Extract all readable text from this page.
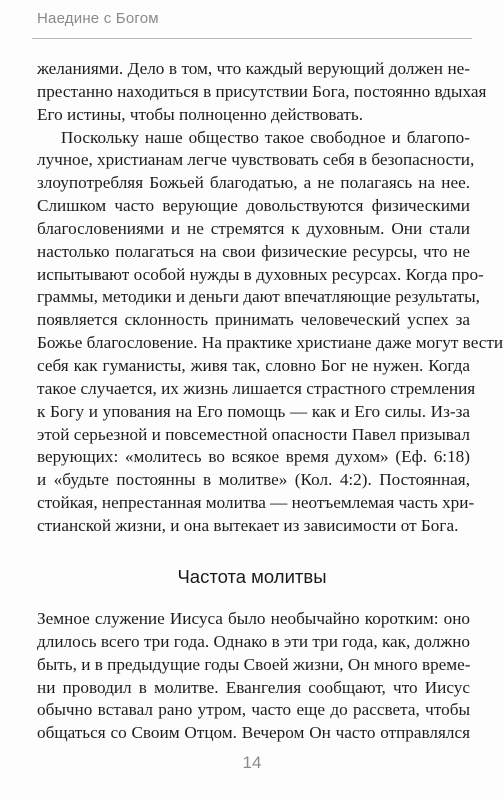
Наедине с Богом
желаниями. Дело в том, что каждый верующий должен не-
престанно находиться в присутствии Бога, постоянно вдыхая
Его истины, чтобы полноценно действовать.
Поскольку наше общество такое свободное и благопо-
лучное, христианам легче чувствовать себя в безопасности,
злоупотребляя Божьей благодатью, а не полагаясь на нее.
Слишком часто верующие довольствуются физическими
благословениями и не стремятся к духовным. Они стали
настолько полагаться на свои физические ресурсы, что не
испытывают особой нужды в духовных ресурсах. Когда про-
граммы, методики и деньги дают впечатляющие результаты,
появляется склонность принимать человеческий успех за
Божье благословение. На практике христиане даже могут вести
себя как гуманисты, живя так, словно Бог не нужен. Когда
такое случается, их жизнь лишается страстного стремления
к Богу и упования на Его помощь — как и Его силы. Из-за
этой серьезной и повсеместной опасности Павел призывал
верующих: «молитесь во всякое время духом» (Еф. 6:18)
и «будьте постоянны в молитве» (Кол. 4:2). Постоянная,
стойкая, непрестанная молитва — неотъемлемая часть хри-
стианской жизни, и она вытекает из зависимости от Бога.
Частота молитвы
Земное служение Иисуса было необычайно коротким: оно
длилось всего три года. Однако в эти три года, как, должно
быть, и в предыдущие годы Своей жизни, Он много време-
ни проводил в молитве. Евангелия сообщают, что Иисус
обычно вставал рано утром, часто еще до рассвета, чтобы
общаться со Своим Отцом. Вечером Он часто отправлялся
14
